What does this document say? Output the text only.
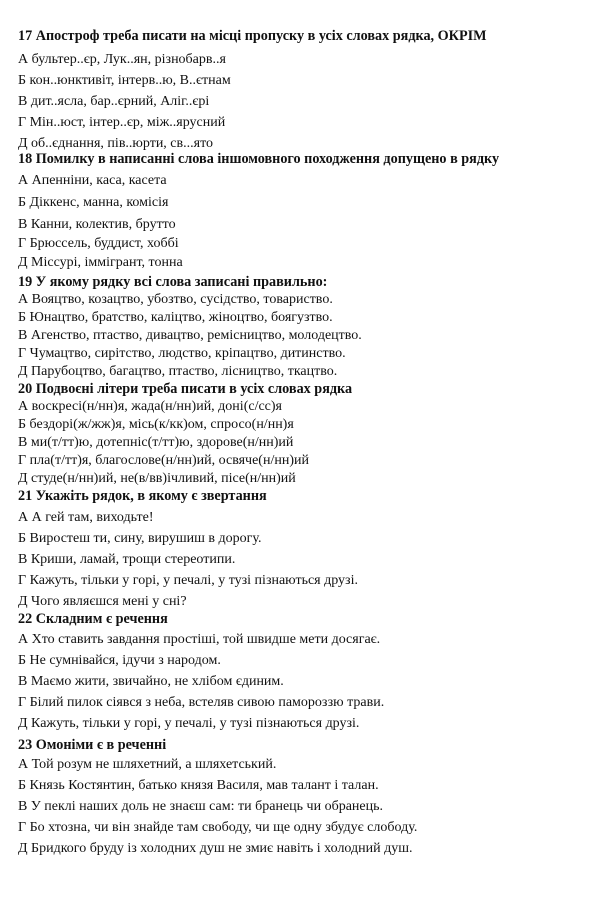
17 Апостроф треба писати на місці пропуску в усіх словах рядка, ОКРІМ
А бультер..єр, Лук..ян, різнобарв..я
Б кон..юнктивіт, інтерв..ю, В..єтнам
В дит..ясла, бар..єрний, Аліг..єрі
Г Мін..юст, інтер..єр, між..ярусний
Д об..єднання, пів..юрти, св...ято
18 Помилку в написанні слова іншомовного походження допущено в рядку
А Апенніни, каса, касета
Б Діккенс, манна, комісія
В Канни, колектив, брутто
Г Брюссель, буддист, хоббі
Д Міссурі, іммігрант, тонна
19 У якому рядку всі слова записані правильно:
А Вояцтво, козацтво, убозтво, сусідство, товариство.
Б Юнацтво, братство, каліцтво, жіноцтво, боягузтво.
В Агенство, птаство, дивацтво, ремісництво, молодецтво.
Г Чумацтво, сирітство, людство, кріпацтво, дитинство.
Д Парубоцтво, багацтво, птаство, лісництво, ткацтво.
20 Подвоєні літери треба писати в усіх словах рядка
А воскресі(н/нн)я, жада(н/нн)ий, доні(с/сс)я
Б бездорі(ж/жж)я, місь(к/кк)ом, спросо(н/нн)я
В ми(т/тт)ю, дотепніс(т/тт)ю, здорове(н/нн)ий
Г пла(т/тт)я, благослове(н/нн)ий, освяче(н/нн)ий
Д студе(н/нн)ий, не(в/вв)ічливий, пісе(н/нн)ий
21 Укажіть рядок, в якому є звертання
А А гей там, виходьте!
Б Виростеш ти, сину, вирушиш в дорогу.
В Криши, ламай, трощи стереотипи.
Г Кажуть, тільки у горі, у печалі, у тузі пізнаються друзі.
Д Чого являєшся мені у сні?
22 Складним є речення
А Хто ставить завдання простіші, той швидше мети досягає.
Б Не сумнівайся, ідучи з народом.
В Маємо жити, звичайно, не хлібом єдиним.
Г Білий пилок сіявся з неба, встеляв сивою памороззю трави.
Д Кажуть, тільки у горі, у печалі, у тузі пізнаються друзі.
23 Омоніми є в реченні
А Той розум не шляхетний, а шляхетський.
Б Князь Костянтин, батько князя Василя, мав талант і талан.
В У пеклі наших доль не знаєш сам: ти бранець чи обранець.
Г Бо хтозна, чи він знайде там свободу, чи ще одну збудує слободу.
Д Бридкого бруду із холодних душ не змиє навіть і холодний душ.
